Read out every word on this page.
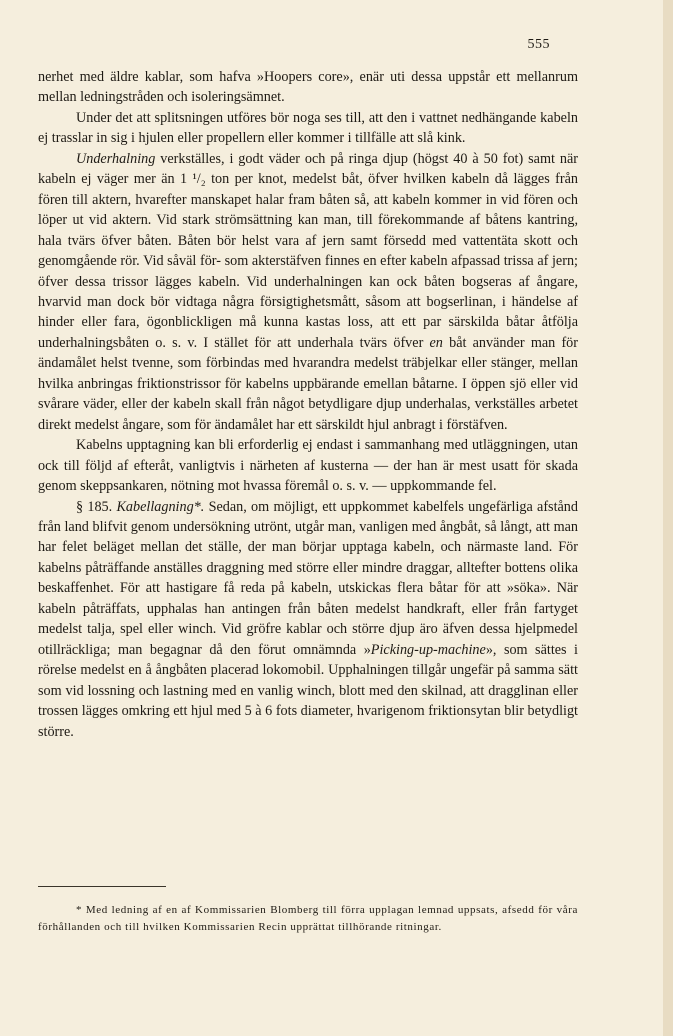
555

nerhet med äldre kablar, som hafva »Hoopers core», enär uti dessa uppstår ett mellanrum mellan ledningstråden och isoleringsämnet.

Under det att splitsningen utföres bör noga ses till, att den i vattnet nedhängande kabeln ej trasslar in sig i hjulen eller propellern eller kommer i tillfälle att slå kink.

Underhalning verkställes, i godt väder och på ringa djup (högst 40 à 50 fot) samt när kabeln ej väger mer än 1 ¹/₂ ton per knot, medelst båt, öfver hvilken kabeln då lägges från fören till aktern, hvarefter manskapet halar fram båten så, att kabeln kommer in vid fören och löper ut vid aktern. Vid stark strömsättning kan man, till förekommande af båtens kantring, hala tvärs öfver båten. Båten bör helst vara af jern samt försedd med vattentäta skott och genomgående rör. Vid såväl för- som akterstäfven finnes en efter kabeln afpassad trissa af jern; öfver dessa trissor lägges kabeln. Vid underhalningen kan ock båten bogseras af ångare, hvarvid man dock bör vidtaga några försigtighetsmått, såsom att bogserlinan, i händelse af hinder eller fara, ögonblickligen må kunna kastas loss, att ett par särskilda båtar åtfölja underhalningsbåten o. s. v. I stället för att underhala tvärs öfver en båt använder man för ändamålet helst tvenne, som förbindas med hvarandra medelst träbjelkar eller stänger, mellan hvilka anbringas friktionstrissor för kabelns uppbärande emellan båtarne. I öppen sjö eller vid svårare väder, eller der kabeln skall från något betydligare djup underhalas, verkställes arbetet direkt medelst ångare, som för ändamålet har ett särskildt hjul anbragt i förstäfven.

Kabelns upptagning kan bli erforderlig ej endast i sammanhang med utläggningen, utan ock till följd af efteråt, vanligtvis i närheten af kusterna — der han är mest usatt för skada genom skeppsankaren, nötning mot hvassa föremål o. s. v. — uppkommande fel.

§ 185. Kabellagning*. Sedan, om möjligt, ett uppkommet kabelfels ungefärliga afstånd från land blifvit genom undersökning utrönt, utgår man, vanligen med ångbåt, så långt, att man har felet beläget mellan det ställe, der man börjar upptaga kabeln, och närmaste land. För kabelns påträffande anställes draggning med större eller mindre draggar, alltefter bottens olika beskaffenhet. För att hastigare få reda på kabeln, utskickas flera båtar för att »söka». När kabeln påträffats, upphalas han antingen från båten medelst handkraft, eller från fartyget medelst talja, spel eller winch. Vid gröfre kablar och större djup äro äfven dessa hjelpmedel otillräckliga; man begagnar då den förut omnämnda »Picking-up-machine», som sättes i rörelse medelst en å ångbåten placerad lokomobil. Upphalningen tillgår ungefär på samma sätt som vid lossning och lastning med en vanlig winch, blott med den skilnad, att dragglinan eller trossen lägges omkring ett hjul med 5 à 6 fots diameter, hvarigenom friktionsytan blir betydligt större.

* Med ledning af en af Kommissarien Blomberg till förra upplagan lemnad uppsats, afsedd för våra förhållanden och till hvilken Kommissarien Recin upprättat tillhörande ritningar.
